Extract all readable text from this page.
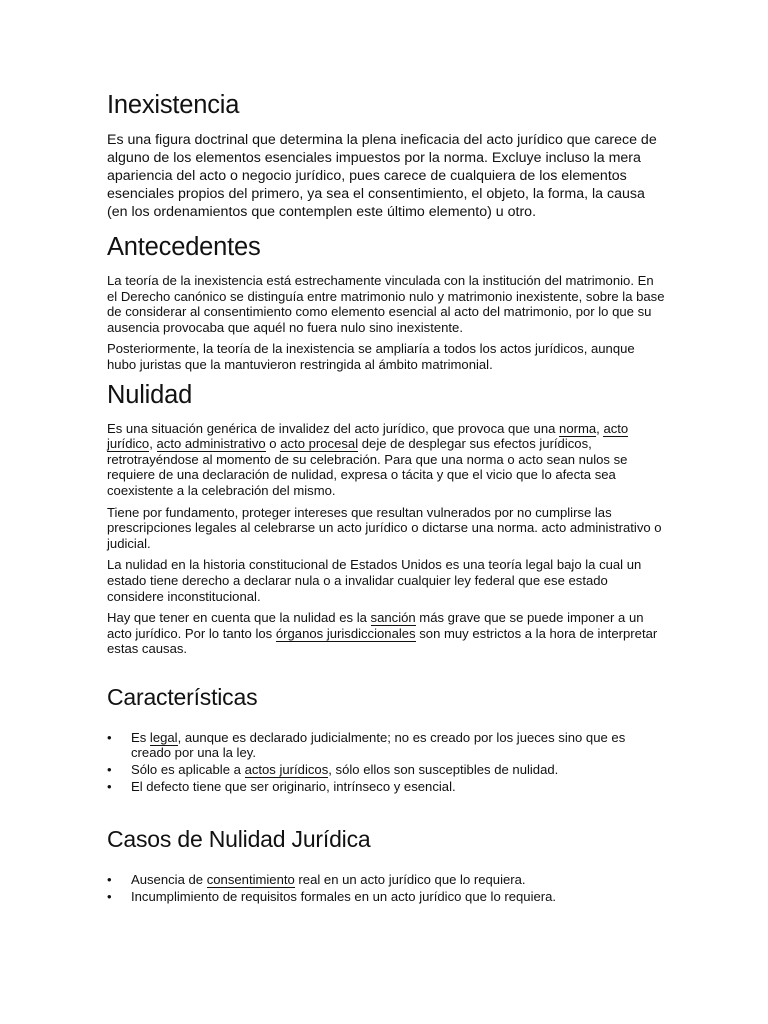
Inexistencia

Es una figura doctrinal que determina la plena ineficacia del acto jurídico que carece de alguno de los elementos esenciales impuestos por la norma. Excluye incluso la mera apariencia del acto o negocio jurídico, pues carece de cualquiera de los elementos esenciales propios del primero, ya sea el consentimiento, el objeto, la forma, la causa (en los ordenamientos que contemplen este último elemento) u otro.

Antecedentes

La teoría de la inexistencia está estrechamente vinculada con la institución del matrimonio. En el Derecho canónico se distinguía entre matrimonio nulo y matrimonio inexistente, sobre la base de considerar al consentimiento como elemento esencial al acto del matrimonio, por lo que su ausencia provocaba que aquél no fuera nulo sino inexistente.

Posteriormente, la teoría de la inexistencia se ampliaría a todos los actos jurídicos, aunque hubo juristas que la mantuvieron restringida al ámbito matrimonial.

Nulidad

Es una situación genérica de invalidez del acto jurídico, que provoca que una norma, acto jurídico, acto administrativo o acto procesal deje de desplegar sus efectos jurídicos, retrotrayéndose al momento de su celebración. Para que una norma o acto sean nulos se requiere de una declaración de nulidad, expresa o tácita y que el vicio que lo afecta sea coexistente a la celebración del mismo.

Tiene por fundamento, proteger intereses que resultan vulnerados por no cumplirse las prescripciones legales al celebrarse un acto jurídico o dictarse una norma. acto administrativo o judicial.

La nulidad en la historia constitucional de Estados Unidos es una teoría legal bajo la cual un estado tiene derecho a declarar nula o a invalidar cualquier ley federal que ese estado considere inconstitucional.

Hay que tener en cuenta que la nulidad es la sanción más grave que se puede imponer a un acto jurídico. Por lo tanto los órganos jurisdiccionales son muy estrictos a la hora de interpretar estas causas.

Características
• Es legal, aunque es declarado judicialmente; no es creado por los jueces sino que es creado por una la ley.
• Sólo es aplicable a actos jurídicos, sólo ellos son susceptibles de nulidad.
• El defecto tiene que ser originario, intrínseco y esencial.
Casos de Nulidad Jurídica
• Ausencia de consentimiento real en un acto jurídico que lo requiera.
• Incumplimiento de requisitos formales en un acto jurídico que lo requiera.
